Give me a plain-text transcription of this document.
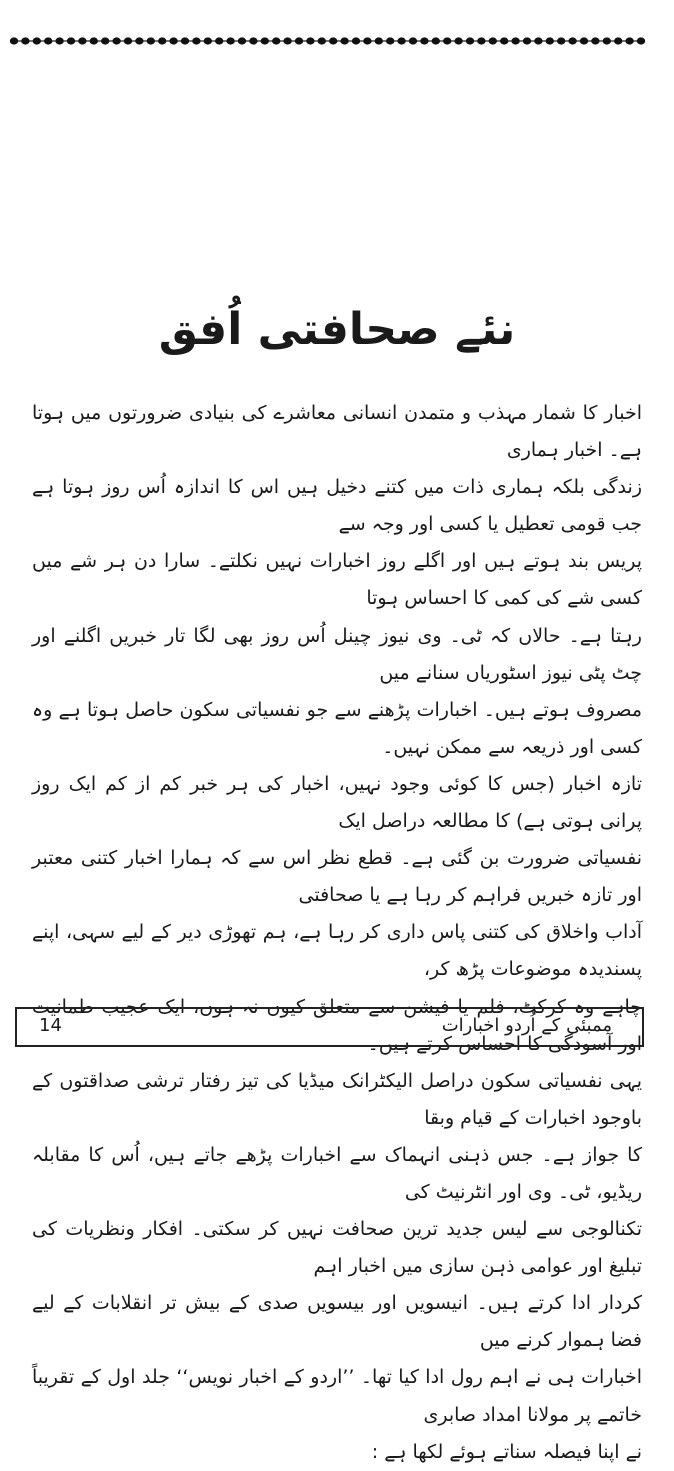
نئے صحافتی اُفق

اخبار کا شمار مہذب و متمدن انسانی معاشرے کی بنیادی ضرورتوں میں ہوتا ہے۔ اخبار ہماری

زندگی بلکہ ہماری ذات میں کتنے دخیل ہیں اس کا اندازہ اُس روز ہوتا ہے جب قومی تعطیل یا کسی اور وجہ سے

پریس بند ہوتے ہیں اور اگلے روز اخبارات نہیں نکلتے۔ سارا دن ہر شے میں کسی شے کی کمی کا احساس ہوتا

رہتا ہے۔ حالاں کہ ٹی۔ وی نیوز چینل اُس روز بھی لگا تار خبریں اگلنے اور چٹ پٹی نیوز اسٹوریاں سنانے میں

مصروف ہوتے ہیں۔ اخبارات پڑھنے سے جو نفسیاتی سکون حاصل ہوتا ہے وہ کسی اور ذریعہ سے ممکن نہیں۔

تازہ اخبار (جس کا کوئی وجود نہیں، اخبار کی ہر خبر کم از کم ایک روز پرانی ہوتی ہے) کا مطالعہ دراصل ایک

نفسیاتی ضرورت بن گئی ہے۔ قطع نظر اس سے کہ ہمارا اخبار کتنی معتبر اور تازہ خبریں فراہم کر رہا ہے یا صحافتی

آداب واخلاق کی کتنی پاس داری کر رہا ہے، ہم تھوڑی دیر کے لیے سہی، اپنے پسندیدہ موضوعات پڑھ کر،

چاہے وہ کرکٹ، فلم یا فیشن سے متعلق کیوں نہ ہوں، ایک عجیب طمانیت اور آسودگی کا احساس کرتے ہیں۔

یہی نفسیاتی سکون دراصل الیکٹرانک میڈیا کی تیز رفتار ترشی صداقتوں کے باوجود اخبارات کے قیام وبقا

کا جواز ہے۔ جس ذہنی انہماک سے اخبارات پڑھے جاتے ہیں، اُس کا مقابلہ ریڈیو، ٹی۔ وی اور انٹرنیٹ کی

تکنالوجی سے لیس جدید ترین صحافت نہیں کر سکتی۔ افکار ونظریات کی تبلیغ اور عوامی ذہن سازی میں اخبار اہم

کردار ادا کرتے ہیں۔ انیسویں اور بیسویں صدی کے بیش تر انقلابات کے لیے فضا ہموار کرنے میں

اخبارات ہی نے اہم رول ادا کیا تھا۔ ’’اردو کے اخبار نویس‘‘ جلد اول کے تقریباً خاتمے پر مولانا امداد صابری

نے اپنا فیصلہ سناتے ہوئے لکھا ہے :

14	ممبئی کے اُردو اخبارات
